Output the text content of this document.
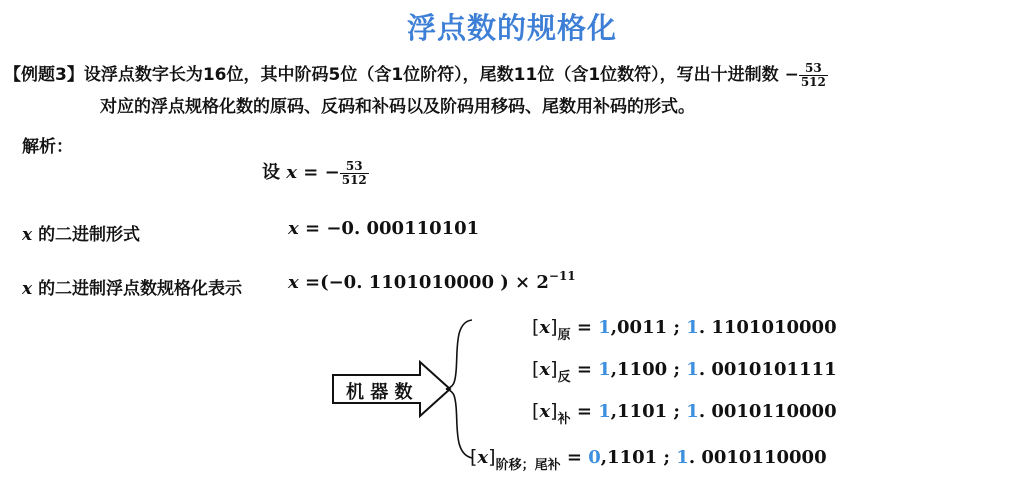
浮点数的规格化
【例题3】设浮点数字长为16位，其中阶码5位（含1位阶符），尾数11位（含1位数符），写出十进制数 − $\frac{53}{512}$
对应的浮点规格化数的原码、反码和补码以及阶码用移码、尾数用补码的形式。
解析：
设 x = − $\frac{53}{512}$
x 的二进制形式	x = −0. 000110101
x 的二进制浮点数规格化表示	x =(−0. 1101010000 ) × $2^{-11}$
机 器 数
$[x]_原 = 1,0011$ ; 1. 1101010000
$[x]_反 = 1,1100$ ; 1. 0010101111
$[x]_补 = 1,1101$ ; 1. 0010110000
$[x]_{阶移;尾补} = 0,1101$ ; 1. 0010110000
